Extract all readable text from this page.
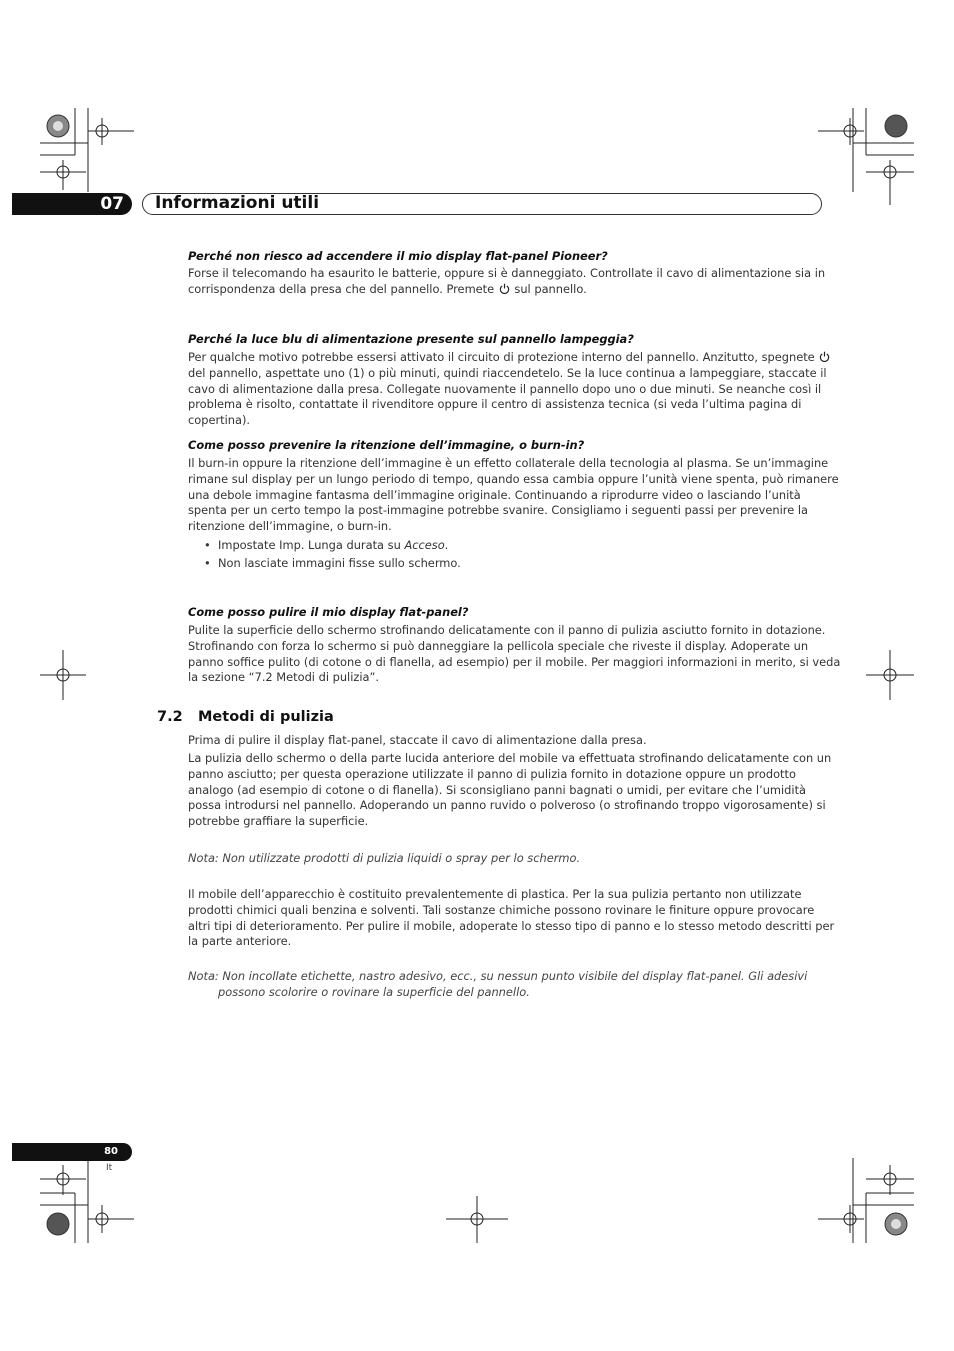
07	Informazioni utili
Perché non riesco ad accendere il mio display flat-panel Pioneer?
Forse il telecomando ha esaurito le batterie, oppure si è danneggiato. Controllate il cavo di alimentazione sia in
corrispondenza della presa che del pannello. Premete sul pannello.
Perché la luce blu di alimentazione presente sul pannello lampeggia?
Per qualche motivo potrebbe essersi attivato il circuito di protezione interno del pannello. Anzitutto, spegnete
del pannello, aspettate uno (1) o più minuti, quindi riaccendetelo. Se la luce continua a lampeggiare, staccate il
cavo di alimentazione dalla presa. Collegate nuovamente il pannello dopo uno o due minuti. Se neanche così il
problema è risolto, contattate il rivenditore oppure il centro di assistenza tecnica (si veda l’ultima pagina di
copertina).
Come posso prevenire la ritenzione dell’immagine, o burn-in?
Il burn-in oppure la ritenzione dell’immagine è un effetto collaterale della tecnologia al plasma. Se un’immagine
rimane sul display per un lungo periodo di tempo, quando essa cambia oppure l’unità viene spenta, può rimanere
una debole immagine fantasma dell’immagine originale. Continuando a riprodurre video o lasciando l’unità
spenta per un certo tempo la post-immagine potrebbe svanire. Consigliamo i seguenti passi per prevenire la
ritenzione dell’immagine, o burn-in.
• Impostate Imp. Lunga durata su Acceso.
• Non lasciate immagini fisse sullo schermo.
Come posso pulire il mio display flat-panel?
Pulite la superficie dello schermo strofinando delicatamente con il panno di pulizia asciutto fornito in dotazione.
Strofinando con forza lo schermo si può danneggiare la pellicola speciale che riveste il display. Adoperate un
panno soffice pulito (di cotone o di flanella, ad esempio) per il mobile. Per maggiori informazioni in merito, si veda
la sezione “7.2 Metodi di pulizia”.
7.2 Metodi di pulizia
Prima di pulire il display flat-panel, staccate il cavo di alimentazione dalla presa.
La pulizia dello schermo o della parte lucida anteriore del mobile va effettuata strofinando delicatamente con un
panno asciutto; per questa operazione utilizzate il panno di pulizia fornito in dotazione oppure un prodotto
analogo (ad esempio di cotone o di flanella). Si sconsigliano panni bagnati o umidi, per evitare che l’umidità
possa introdursi nel pannello. Adoperando un panno ruvido o polveroso (o strofinando troppo vigorosamente) si
potrebbe graffiare la superficie.
Nota: Non utilizzate prodotti di pulizia liquidi o spray per lo schermo.
Il mobile dell’apparecchio è costituito prevalentemente di plastica. Per la sua pulizia pertanto non utilizzate
prodotti chimici quali benzina e solventi. Tali sostanze chimiche possono rovinare le finiture oppure provocare
altri tipi di deterioramento. Per pulire il mobile, adoperate lo stesso tipo di panno e lo stesso metodo descritti per
la parte anteriore.
Nota: Non incollate etichette, nastro adesivo, ecc., su nessun punto visibile del display flat-panel. Gli adesivi
possono scolorire o rovinare la superficie del pannello.
80
It
